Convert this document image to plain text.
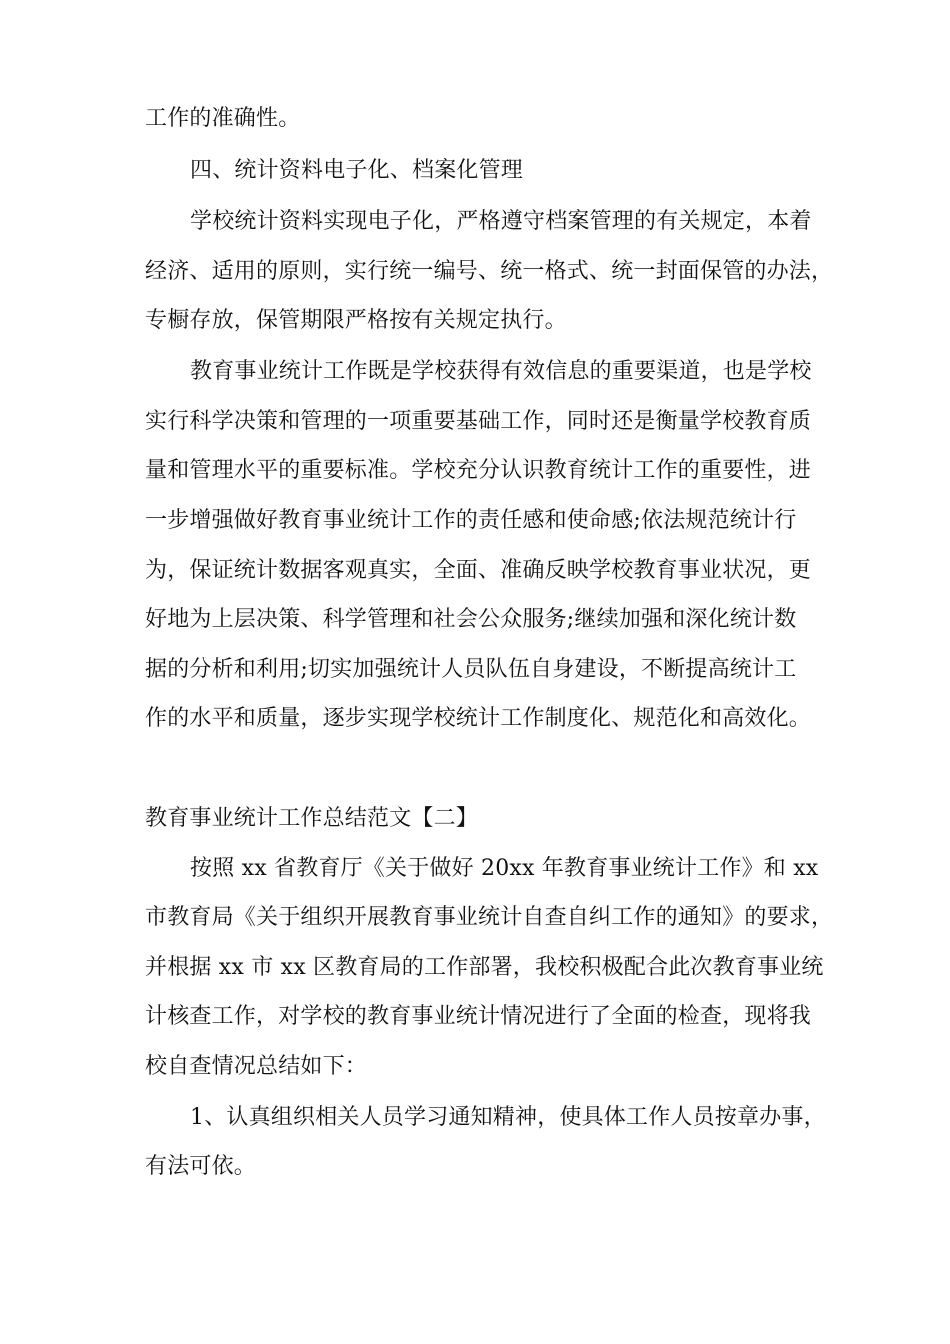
工作的准确性。
四、统计资料电子化、档案化管理
学校统计资料实现电子化，严格遵守档案管理的有关规定，本着
经济、适用的原则，实行统一编号、统一格式、统一封面保管的办法，
专橱存放，保管期限严格按有关规定执行。
教育事业统计工作既是学校获得有效信息的重要渠道，也是学校
实行科学决策和管理的一项重要基础工作，同时还是衡量学校教育质
量和管理水平的重要标准。学校充分认识教育统计工作的重要性，进
一步增强做好教育事业统计工作的责任感和使命感;依法规范统计行
为，保证统计数据客观真实，全面、准确反映学校教育事业状况，更
好地为上层决策、科学管理和社会公众服务;继续加强和深化统计数
据的分析和利用;切实加强统计人员队伍自身建设，不断提高统计工
作的水平和质量，逐步实现学校统计工作制度化、规范化和高效化。
教育事业统计工作总结范文【二】
按照 xx 省教育厅《关于做好 20xx 年教育事业统计工作》和 xx
市教育局《关于组织开展教育事业统计自查自纠工作的通知》的要求，
并根据 xx 市 xx 区教育局的工作部署，我校积极配合此次教育事业统
计核查工作，对学校的教育事业统计情况进行了全面的检查，现将我
校自查情况总结如下：
1、认真组织相关人员学习通知精神，使具体工作人员按章办事，
有法可依。
